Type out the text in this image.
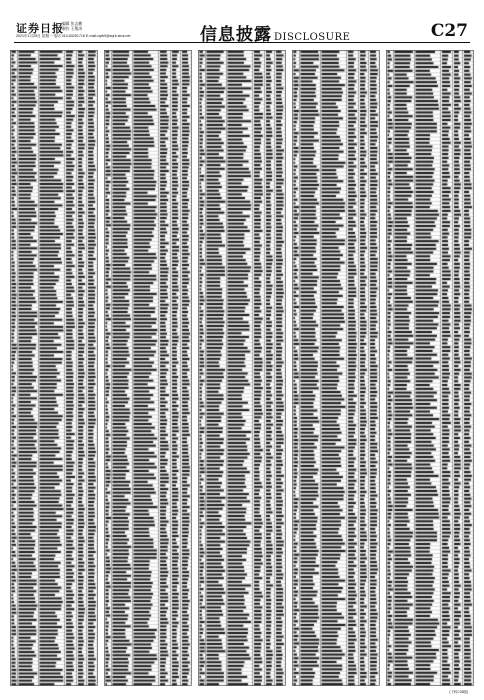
证券日报
编辑 张志鹏
制作 王敬涛
2021年1月25日 星期一 电话 010-83251716 E-mail:zqrb9@zqrb.sina.net	信息披露 DISCLOSURE	C27
(下转C28版)
